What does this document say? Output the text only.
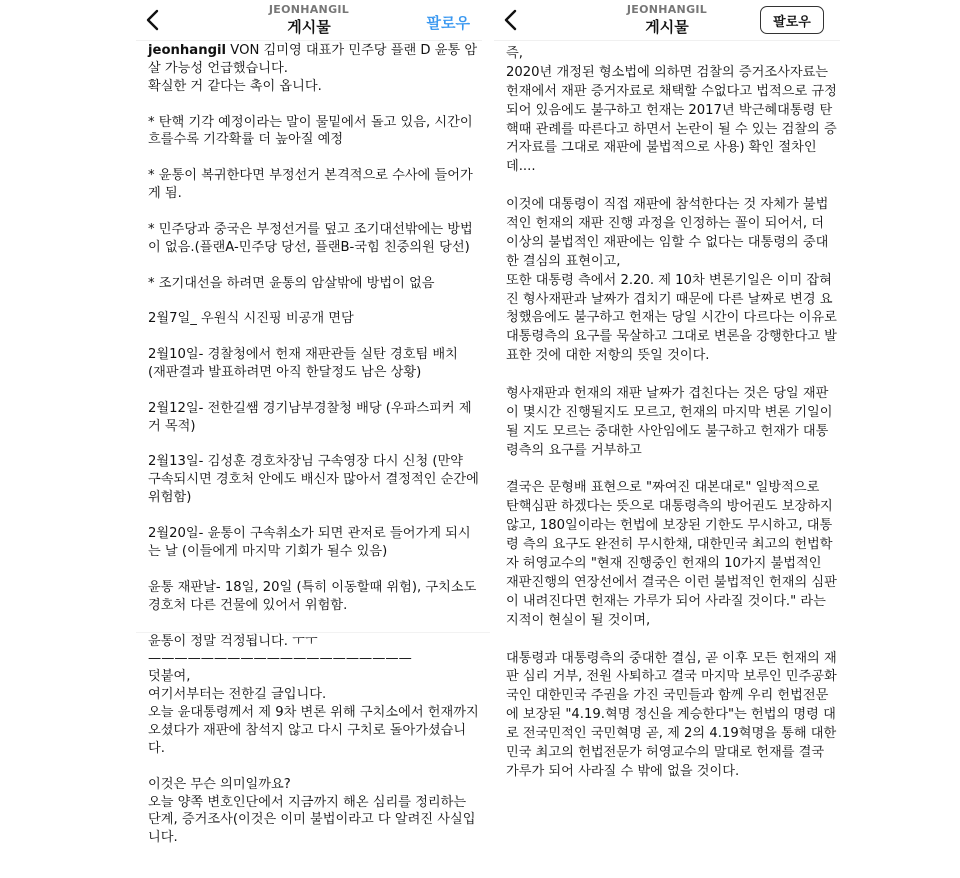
JEONHANGIL
게시물	팔로우
jeonhangil VON 김미영 대표가 민주당 플랜 D 윤통 암
살 가능성 언급했습니다.
확실한 거 같다는 촉이 옵니다.
* 탄핵 기각 예정이라는 말이 물밑에서 돌고 있음, 시간이
흐를수록 기각확률 더 높아질 예정
* 윤통이 복귀한다면 부정선거 본격적으로 수사에 들어가
게 됨.
* 민주당과 중국은 부정선거를 덮고 조기대선밖에는 방법
이 없음.(플랜A-민주당 당선, 플랜B-국힘 친중의원 당선)
* 조기대선을 하려면 윤통의 암살밖에 방법이 없음
2월7일_ 우원식 시진핑 비공개 면담
2월10일- 경찰청에서 헌재 재판관들 실탄 경호팀 배치
(재판결과 발표하려면 아직 한달정도 남은 상황)
2월12일- 전한길쌤 경기남부경찰청 배당 (우파스피커 제
거 목적)
2월13일- 김성훈 경호차장님 구속영장 다시 신청 (만약
구속되시면 경호처 안에도 배신자 많아서 결정적인 순간에
위험함)
2월20일- 윤통이 구속취소가 되면 관저로 들어가게 되시
는 날 (이들에게 마지막 기회가 될수 있음)
윤통 재판날- 18일, 20일 (특히 이동할때 위험), 구치소도
경호처 다른 건물에 있어서 위험함.
윤통이 정말 걱정됩니다. ㅜㅜ
————————————————————
덧붙여,
여기서부터는 전한길 글입니다.
오늘 윤대통령께서 제 9차 변론 위해 구치소에서 헌재까지
오셨다가 재판에 참석지 않고 다시 구치로 돌아가셨습니
다.
이것은 무슨 의미일까요?
오늘 양쪽 변호인단에서 지금까지 해온 심리를 정리하는
단계, 증거조사(이것은 이미 불법이라고 다 알려진 사실입
니다.
JEONHANGIL
게시물	팔로우
즉,
2020년 개정된 형소법에 의하면 검찰의 증거조사자료는
헌재에서 재판 증거자료로 채택할 수없다고 법적으로 규정
되어 있음에도 불구하고 헌재는 2017년 박근혜대통령 탄
핵때 관례를 따른다고 하면서 논란이 될 수 있는 검찰의 증
거자료를 그대로 재판에 불법적으로 사용) 확인 절차인
데....
이것에 대통령이 직접 재판에 참석한다는 것 자체가 불법
적인 헌재의 재판 진행 과정을 인정하는 꼴이 되어서, 더
이상의 불법적인 재판에는 임할 수 없다는 대통령의 중대
한 결심의 표현이고,
또한 대통령 측에서 2.20. 제 10차 변론기일은 이미 잡혀
진 형사재판과 날짜가 겹치기 때문에 다른 날짜로 변경 요
청했음에도 불구하고 헌재는 당일 시간이 다르다는 이유로
대통령측의 요구를 묵살하고 그대로 변론을 강행한다고 발
표한 것에 대한 저항의 뜻일 것이다.
형사재판과 헌재의 재판 날짜가 겹친다는 것은 당일 재판
이 몇시간 진행될지도 모르고, 헌재의 마지막 변론 기일이
될 지도 모르는 중대한 사안임에도 불구하고 헌재가 대통
령측의 요구를 거부하고
결국은 문형배 표현으로 "짜여진 대본대로" 일방적으로
탄핵심판 하겠다는 뜻으로 대통령측의 방어권도 보장하지
않고, 180일이라는 헌법에 보장된 기한도 무시하고, 대통
령 측의 요구도 완전히 무시한채, 대한민국 최고의 헌법학
자 허영교수의 "현재 진행중인 헌재의 10가지 불법적인
재판진행의 연장선에서 결국은 이런 불법적인 헌재의 심판
이 내려진다면 헌재는 가루가 되어 사라질 것이다." 라는
지적이 현실이 될 것이며,
대통령과 대통령측의 중대한 결심, 곧 이후 모든 헌재의 재
판 심리 거부, 전원 사퇴하고 결국 마지막 보루인 민주공화
국인 대한민국 주권을 가진 국민들과 함께 우리 헌법전문
에 보장된 "4.19.혁명 정신을 계승한다"는 헌법의 명령 대
로 전국민적인 국민혁명 곧, 제 2의 4.19혁명을 통해 대한
민국 최고의 헌법전문가 허영교수의 말대로 헌재를 결국
가루가 되어 사라질 수 밖에 없을 것이다.
